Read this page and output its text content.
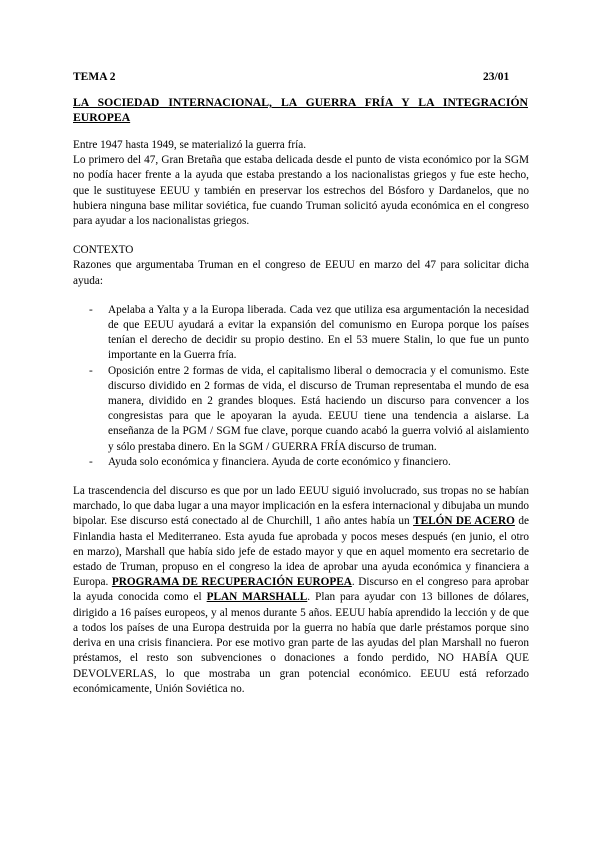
TEMA 2	23/01
LA SOCIEDAD INTERNACIONAL, LA GUERRA FRÍA Y LA INTEGRACIÓN EUROPEA

Entre 1947 hasta 1949, se materializó la guerra fría.

Lo primero del 47, Gran Bretaña que estaba delicada desde el punto de vista económico por la SGM no podía hacer frente a la ayuda que estaba prestando a los nacionalistas griegos y fue este hecho, que le sustituyese EEUU y también en preservar los estrechos del Bósforo y Dardanelos, que no hubiera ninguna base militar soviética, fue cuando Truman solicitó ayuda económica en el congreso para ayudar a los nacionalistas griegos.

CONTEXTO

Razones que argumentaba Truman en el congreso de EEUU en marzo del 47 para solicitar dicha ayuda:

- Apelaba a Yalta y a la Europa liberada. Cada vez que utiliza esa argumentación la necesidad de que EEUU ayudará a evitar la expansión del comunismo en Europa porque los países tenían el derecho de decidir su propio destino. En el 53 muere Stalin, lo que fue un punto importante en la Guerra fría.
- Oposición entre 2 formas de vida, el capitalismo liberal o democracia y el comunismo. Este discurso dividido en 2 formas de vida, el discurso de Truman representaba el mundo de esa manera, dividido en 2 grandes bloques. Está haciendo un discurso para convencer a los congresistas para que le apoyaran la ayuda. EEUU tiene una tendencia a aislarse. La enseñanza de la PGM / SGM fue clave, porque cuando acabó la guerra volvió al aislamiento y sólo prestaba dinero. En la SGM / GUERRA FRÍA discurso de truman.
- Ayuda solo económica y financiera. Ayuda de corte económico y financiero.

La trascendencia del discurso es que por un lado EEUU siguió involucrado, sus tropas no se habían marchado, lo que daba lugar a una mayor implicación en la esfera internacional y dibujaba un mundo bipolar. Ese discurso está conectado al de Churchill, 1 año antes había un TELÓN DE ACERO de Finlandia hasta el Mediterraneo. Esta ayuda fue aprobada y pocos meses después (en junio, el otro en marzo), Marshall que había sido jefe de estado mayor y que en aquel momento era secretario de estado de Truman, propuso en el congreso la idea de aprobar una ayuda económica y financiera a Europa. PROGRAMA DE RECUPERACIÓN EUROPEA. Discurso en el congreso para aprobar la ayuda conocida como el PLAN MARSHALL. Plan para ayudar con 13 billones de dólares, dirigido a 16 países europeos, y al menos durante 5 años. EEUU había aprendido la lección y de que a todos los países de una Europa destruida por la guerra no había que darle préstamos porque sino deriva en una crisis financiera. Por ese motivo gran parte de las ayudas del plan Marshall no fueron préstamos, el resto son subvenciones o donaciones a fondo perdido, NO HABÍA QUE DEVOLVERLAS, lo que mostraba un gran potencial económico. EEUU está reforzado económicamente, Unión Soviética no.
